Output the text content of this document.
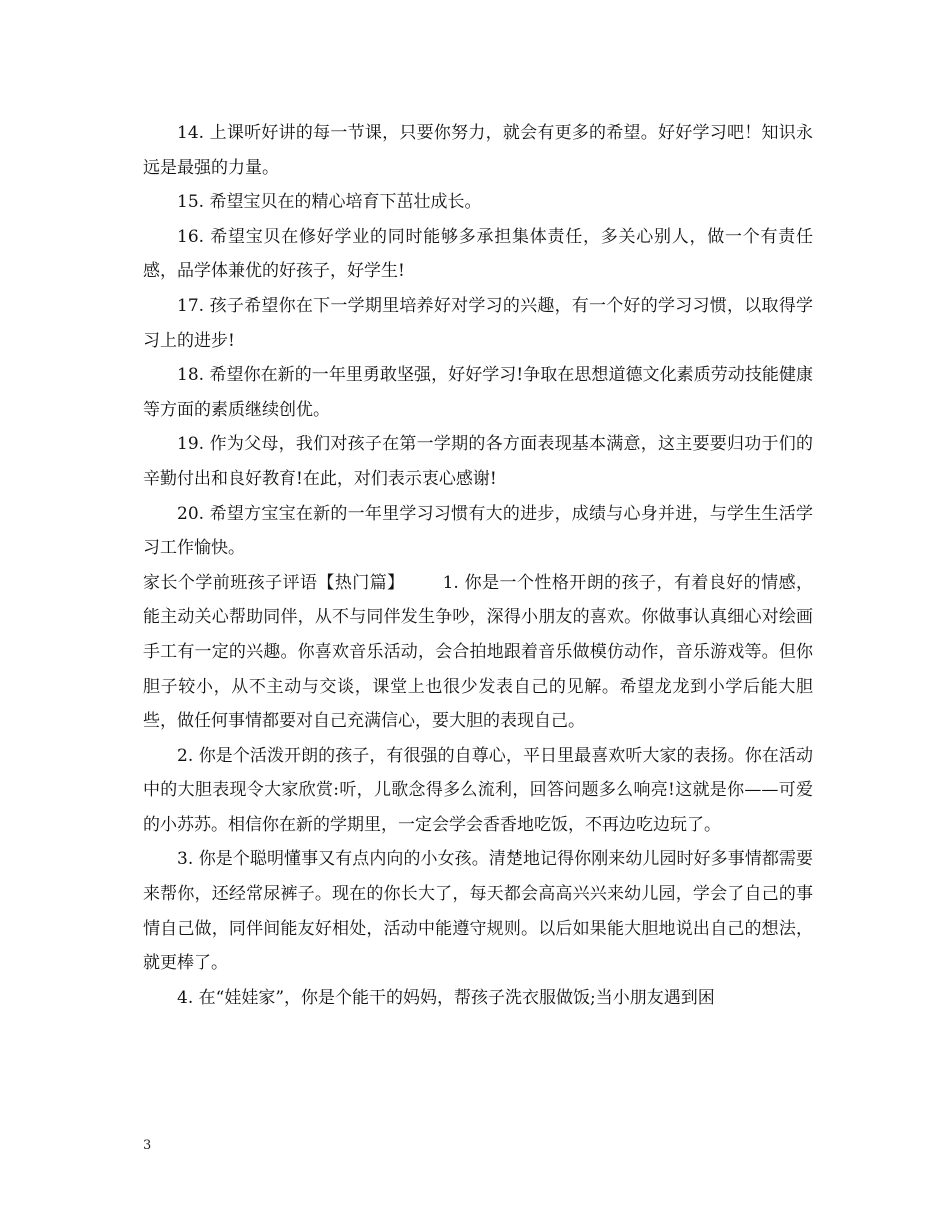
14. 上课听好讲的每一节课，只要你努力，就会有更多的希望。好好学习吧！知识永远是最强的力量。

15. 希望宝贝在的精心培育下茁壮成长。

16. 希望宝贝在修好学业的同时能够多承担集体责任，多关心别人，做一个有责任感，品学体兼优的好孩子，好学生!

17. 孩子希望你在下一学期里培养好对学习的兴趣，有一个好的学习习惯，以取得学习上的进步!

18. 希望你在新的一年里勇敢坚强，好好学习!争取在思想道德文化素质劳动技能健康等方面的素质继续创优。

19. 作为父母，我们对孩子在第一学期的各方面表现基本满意，这主要要归功于们的辛勤付出和良好教育!在此，对们表示衷心感谢!

20. 希望方宝宝在新的一年里学习习惯有大的进步，成绩与心身并进，与学生生活学习工作愉快。

家长个学前班孩子评语【热门篇】 1. 你是一个性格开朗的孩子，有着良好的情感，能主动关心帮助同伴，从不与同伴发生争吵，深得小朋友的喜欢。你做事认真细心对绘画手工有一定的兴趣。你喜欢音乐活动，会合拍地跟着音乐做模仿动作，音乐游戏等。但你胆子较小，从不主动与交谈，课堂上也很少发表自己的见解。希望龙龙到小学后能大胆些，做任何事情都要对自己充满信心，要大胆的表现自己。

2. 你是个活泼开朗的孩子，有很强的自尊心，平日里最喜欢听大家的表扬。你在活动中的大胆表现令大家欣赏:听，儿歌念得多么流利，回答问题多么响亮!这就是你——可爱的小苏苏。相信你在新的学期里，一定会学会香香地吃饭，不再边吃边玩了。

3. 你是个聪明懂事又有点内向的小女孩。清楚地记得你刚来幼儿园时好多事情都需要来帮你，还经常尿裤子。现在的你长大了，每天都会高高兴兴来幼儿园，学会了自己的事情自己做，同伴间能友好相处，活动中能遵守规则。以后如果能大胆地说出自己的想法，就更棒了。

4. 在“娃娃家”，你是个能干的妈妈，帮孩子洗衣服做饭;当小朋友遇到困

3
